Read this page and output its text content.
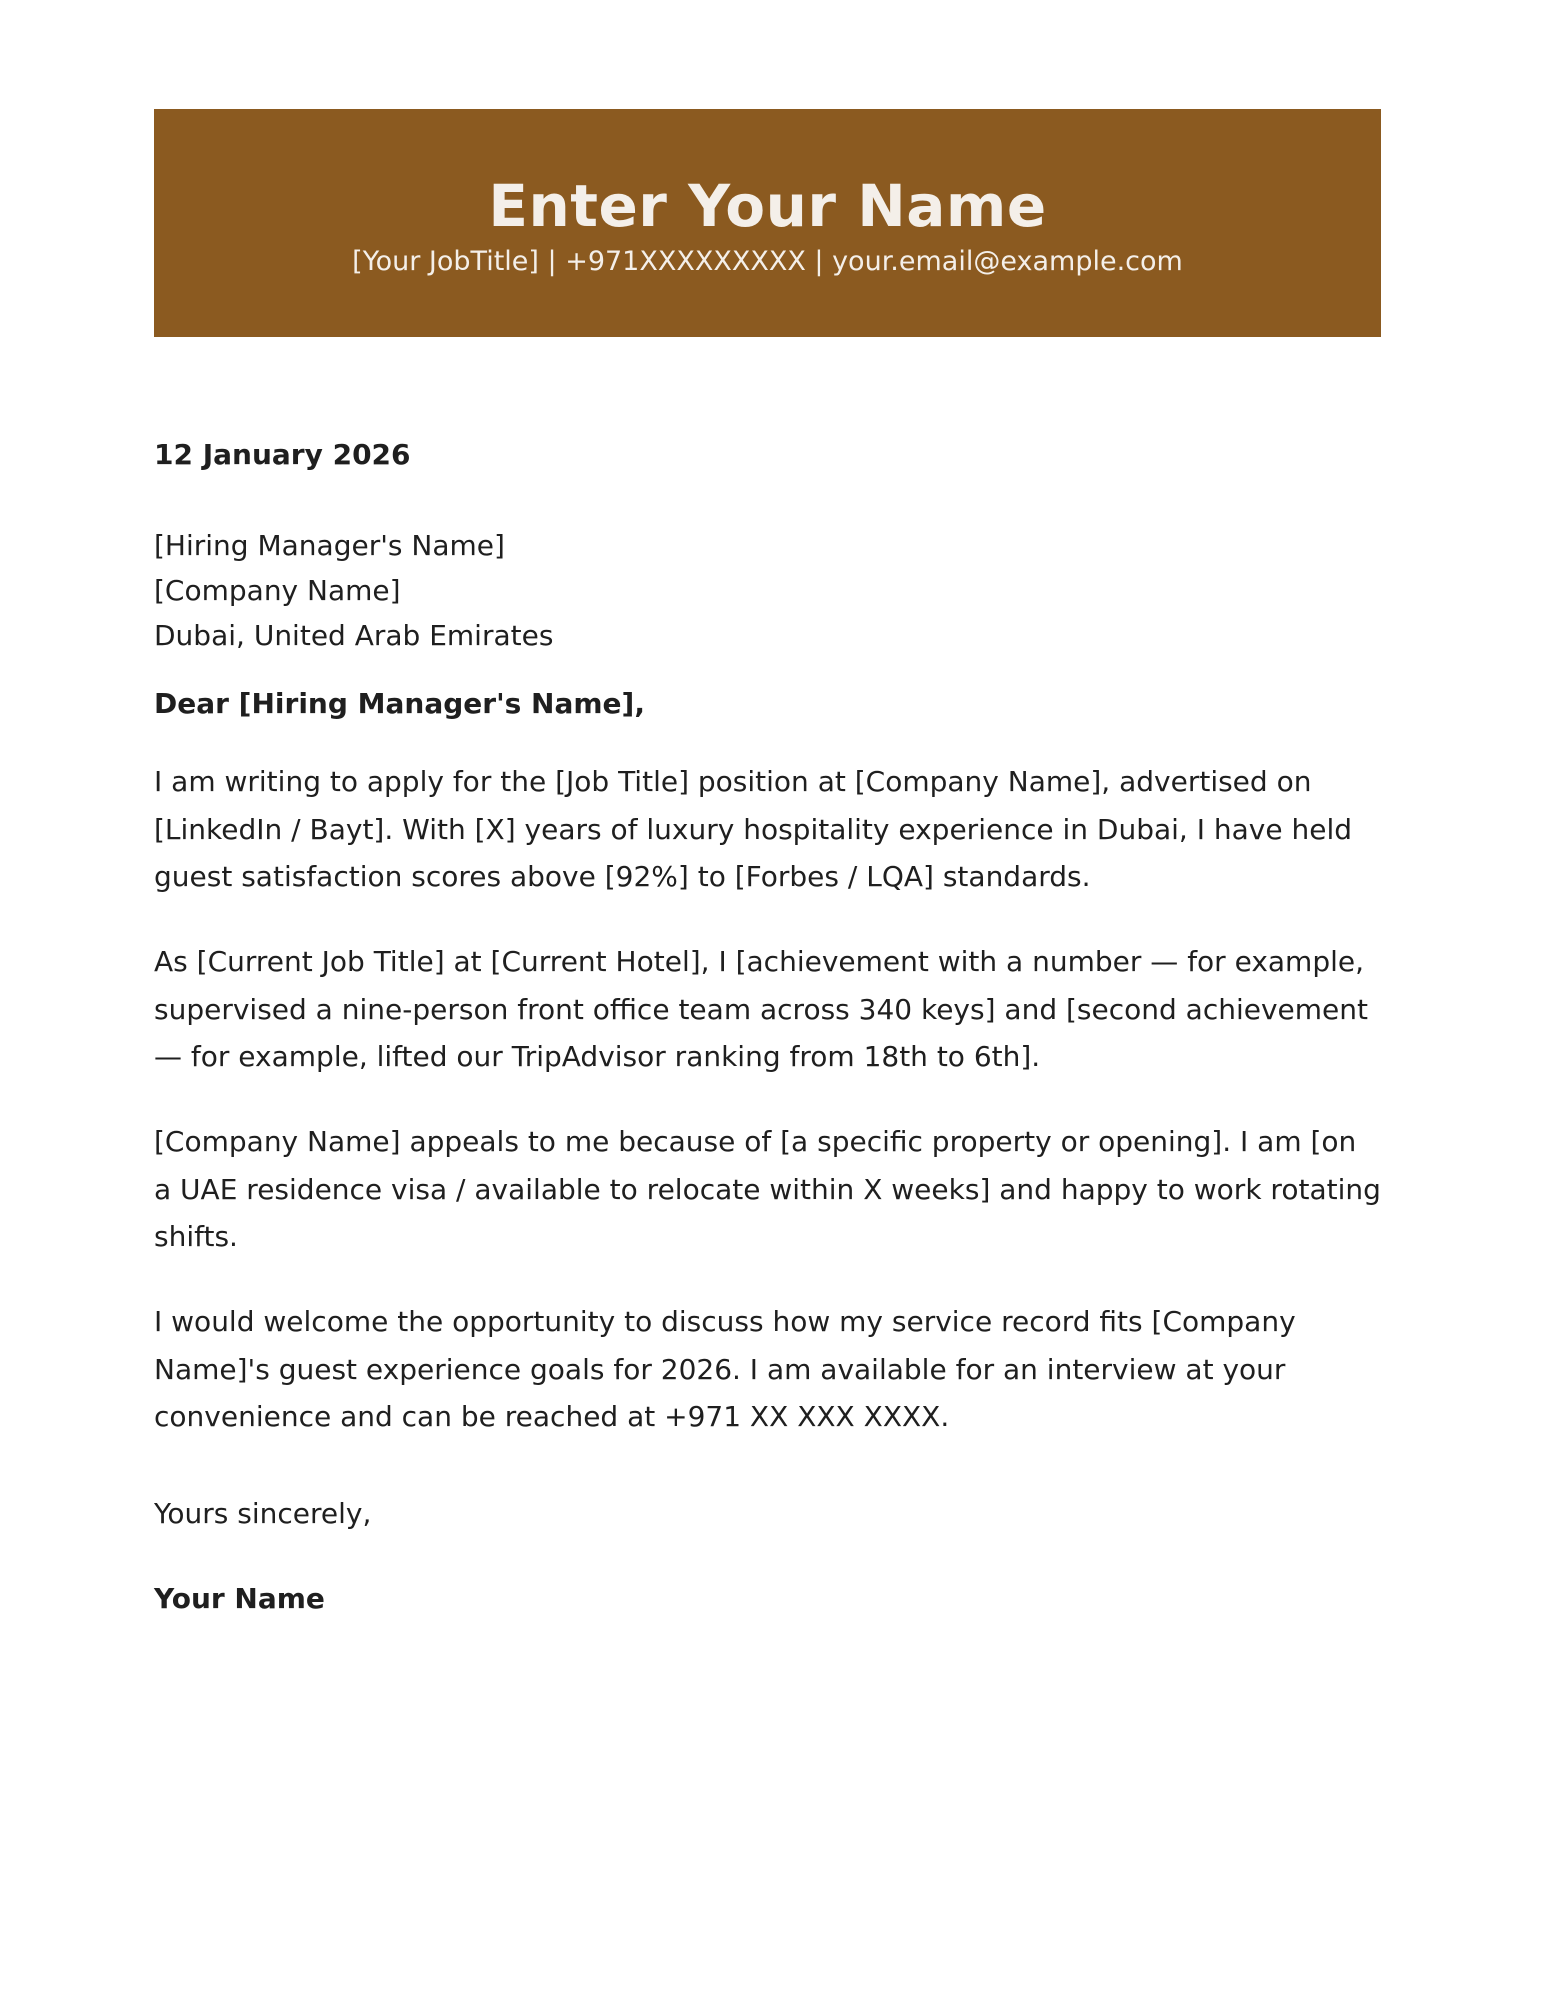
Enter Your Name
[Your JobTitle] | +971XXXXXXXXX | your.email@example.com
12 January 2026
[Hiring Manager's Name]
[Company Name]
Dubai, United Arab Emirates
Dear [Hiring Manager's Name],

I am writing to apply for the [Job Title] position at [Company Name], advertised on [LinkedIn / Bayt]. With [X] years of luxury hospitality experience in Dubai, I have held guest satisfaction scores above [92%] to [Forbes / LQA] standards.

As [Current Job Title] at [Current Hotel], I [achievement with a number — for example, supervised a nine-person front office team across 340 keys] and [second achievement — for example, lifted our TripAdvisor ranking from 18th to 6th].

[Company Name] appeals to me because of [a specific property or opening]. I am [on a UAE residence visa / available to relocate within X weeks] and happy to work rotating shifts.

I would welcome the opportunity to discuss how my service record fits [Company Name]'s guest experience goals for 2026. I am available for an interview at your convenience and can be reached at +971 XX XXX XXXX.

Yours sincerely,
Your Name
